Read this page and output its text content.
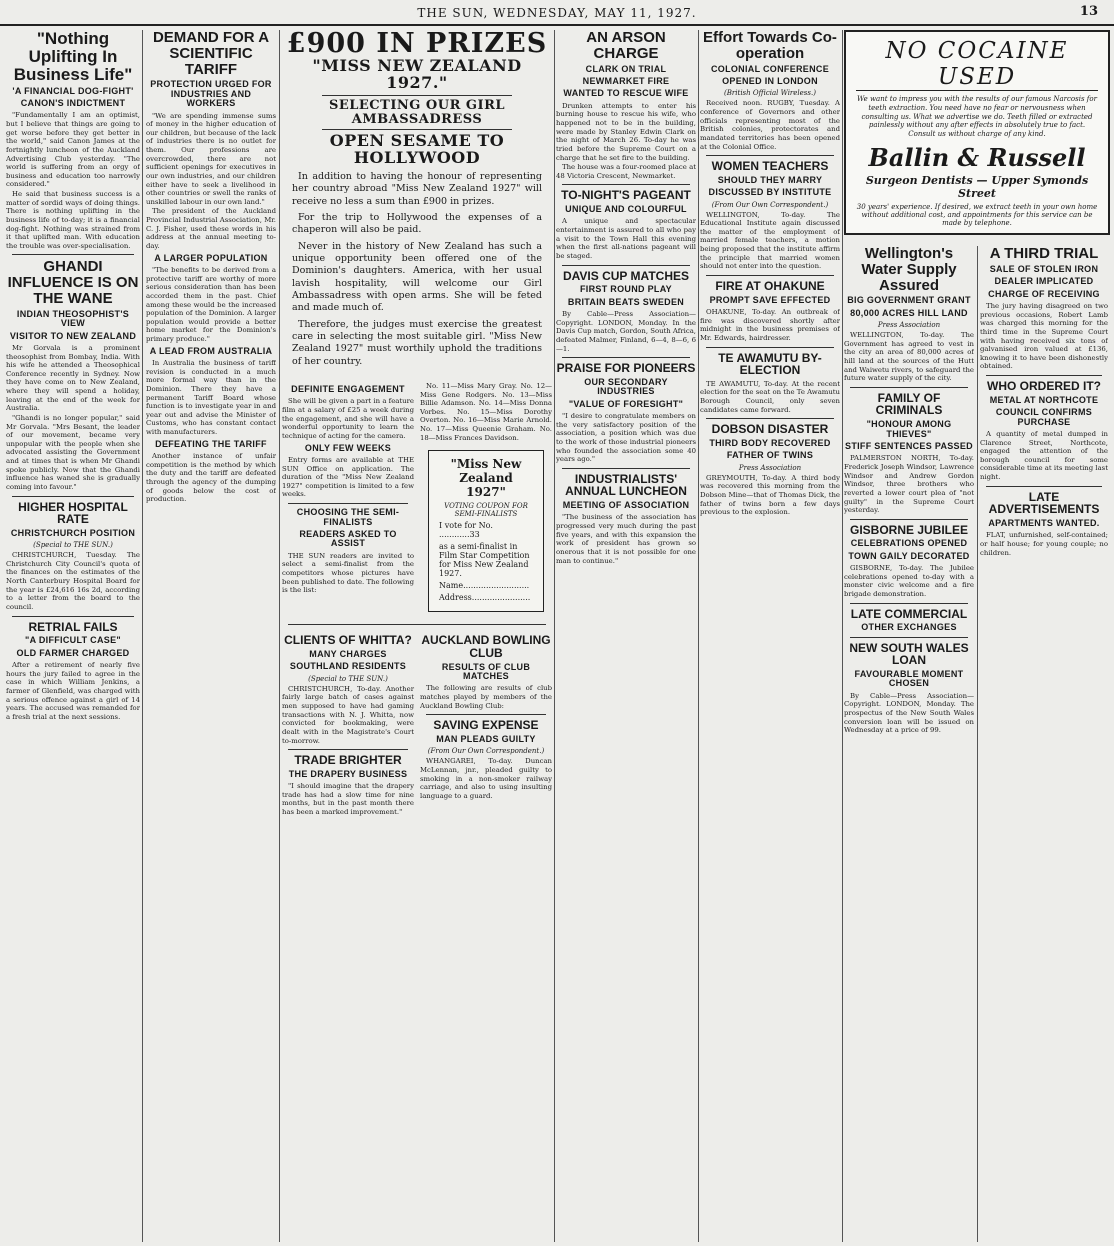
THE SUN, WEDNESDAY, MAY 11, 1927.	13
"Nothing Uplifting In Business Life"
'A FINANCIAL DOG-FIGHT'
CANON'S INDICTMENT

"Fundamentally I am an optimist, but I believe that things are going to get worse before they get better in the world," said Canon James at the fortnightly luncheon of the Auckland Advertising Club yesterday. "The world is suffering from an orgy of business and education too narrowly considered."

He said that business success is a matter of sordid ways of doing things. There is nothing uplifting in the business life of to-day; it is a financial dog-fight. Nothing was strained from it that uplifted man. With education the trouble was over-specialisation.

GHANDI INFLUENCE IS ON THE WANE
INDIAN THEOSOPHIST'S VIEW
VISITOR TO NEW ZEALAND

Mr Gorvala is a prominent theosophist from Bombay, India. With his wife he attended a Theosophical Conference recently in Sydney. Now they have come on to New Zealand, where they will spend a holiday, leaving at the end of the week for Australia.

"Ghandi is no longer popular," said Mr Gorvala. "Mrs Besant, the leader of our movement, became very unpopular with the people when she advocated assisting the Government and at times that is when Mr Ghandi spoke publicly. Now that the Ghandi influence has waned she is gradually coming into favour."

HIGHER HOSPITAL RATE
CHRISTCHURCH POSITION
(Special to THE SUN.)

CHRISTCHURCH, Tuesday. The Christchurch City Council's quota of the finances on the estimates of the North Canterbury Hospital Board for the year is £24,616 16s 2d, according to a letter from the board to the council.

RETRIAL FAILS
"A DIFFICULT CASE"
OLD FARMER CHARGED

After a retirement of nearly five hours the jury failed to agree in the case in which William Jenkins, a farmer of Glenfield, was charged with a serious offence against a girl of 14 years. The accused was remanded for a fresh trial at the next sessions.

DEMAND FOR A SCIENTIFIC TARIFF
PROTECTION URGED FOR INDUSTRIES AND WORKERS

"We are spending immense sums of money in the higher education of our children, but because of the lack of industries there is no outlet for them. Our professions are overcrowded, there are not sufficient openings for executives in our own industries, and our children either have to seek a livelihood in other countries or swell the ranks of unskilled labour in our own land."

The president of the Auckland Provincial Industrial Association, Mr. C. J. Fisher, used these words in his address at the annual meeting to-day.

A LARGER POPULATION

"The benefits to be derived from a protective tariff are worthy of more serious consideration than has been accorded them in the past. Chief among these would be the increased population of the Dominion. A larger population would provide a better home market for the Dominion's primary produce."

A LEAD FROM AUSTRALIA

In Australia the business of tariff revision is conducted in a much more formal way than in the Dominion. There they have a permanent Tariff Board whose function is to investigate year in and year out and advise the Minister of Customs, who has constant contact with manufacturers.

DEFEATING THE TARIFF

Another instance of unfair competition is the method by which the duty and the tariff are defeated through the agency of the dumping of goods below the cost of production.

£900 IN PRIZES
"MISS NEW ZEALAND 1927."
SELECTING OUR GIRL AMBASSADRESS
OPEN SESAME TO HOLLYWOOD

In addition to having the honour of representing her country abroad "Miss New Zealand 1927" will receive no less a sum than £900 in prizes.

For the trip to Hollywood the expenses of a chaperon will also be paid.

Never in the history of New Zealand has such a unique opportunity been offered one of the Dominion's daughters. America, with her usual lavish hospitality, will welcome our Girl Ambassadress with open arms. She will be feted and made much of.

Therefore, the judges must exercise the greatest care in selecting the most suitable girl. "Miss New Zealand 1927" must worthily uphold the traditions of her country.

DEFINITE ENGAGEMENT

She will be given a part in a feature film at a salary of £25 a week during the engagement, and she will have a wonderful opportunity to learn the technique of acting for the camera.

ONLY FEW WEEKS

Entry forms are available at THE SUN Office on application. The duration of the "Miss New Zealand 1927" competition is limited to a few weeks.

CHOOSING THE SEMI-FINALISTS
READERS ASKED TO ASSIST

THE SUN readers are invited to select a semi-finalist from the competitors whose pictures have been published to date. The following is the list:

No. 11—Miss Mary Gray. No. 12—Miss Gene Rodgers. No. 13—Miss Billie Adamson. No. 14—Miss Donna Vorbes. No. 15—Miss Dorothy Overton. No. 16—Miss Marie Arnold. No. 17—Miss Queenie Graham. No. 18—Miss Frances Davidson.

"Miss New Zealand 1927"
VOTING COUPON FOR SEMI-FINALISTS
I vote for No. ............33
as a semi-finalist in Film Star Competition for Miss New Zealand 1927.
Name..........................
Address.......................
CLIENTS OF WHITTA?
MANY CHARGES
SOUTHLAND RESIDENTS
(Special to THE SUN.)

CHRISTCHURCH, To-day. Another fairly large batch of cases against men supposed to have had gaming transactions with N. J. Whitta, now convicted for bookmaking, were dealt with in the Magistrate's Court to-morrow.

TRADE BRIGHTER
THE DRAPERY BUSINESS

"I should imagine that the drapery trade has had a slow time for nine months, but in the past month there has been a marked improvement."

AUCKLAND BOWLING CLUB
RESULTS OF CLUB MATCHES

The following are results of club matches played by members of the Auckland Bowling Club:

SAVING EXPENSE
MAN PLEADS GUILTY
(From Our Own Correspondent.)

WHANGAREI, To-day. Duncan McLennan, jnr., pleaded guilty to smoking in a non-smoker railway carriage, and also to using insulting language to a guard.

AN ARSON CHARGE
CLARK ON TRIAL
NEWMARKET FIRE
WANTED TO RESCUE WIFE

Drunken attempts to enter his burning house to rescue his wife, who happened not to be in the building, were made by Stanley Edwin Clark on the night of March 26. To-day he was tried before the Supreme Court on a charge that he set fire to the building.

The house was a four-roomed place at 48 Victoria Crescent, Newmarket.

TO-NIGHT'S PAGEANT
UNIQUE AND COLOURFUL

A unique and spectacular entertainment is assured to all who pay a visit to the Town Hall this evening when the first all-nations pageant will be staged.

DAVIS CUP MATCHES
FIRST ROUND PLAY
BRITAIN BEATS SWEDEN

By Cable—Press Association—Copyright. LONDON, Monday. In the Davis Cup match, Gordon, South Africa, defeated Malmer, Finland, 6—4, 8—6, 6—1.

PRAISE FOR PIONEERS
OUR SECONDARY INDUSTRIES
"VALUE OF FORESIGHT"

"I desire to congratulate members on the very satisfactory position of the association, a position which was due to the work of those industrial pioneers who founded the association some 40 years ago."

INDUSTRIALISTS' ANNUAL LUNCHEON
MEETING OF ASSOCIATION

"The business of the association has progressed very much during the past five years, and with this expansion the work of president has grown so onerous that it is not possible for one man to continue."

Effort Towards Co-operation
COLONIAL CONFERENCE
OPENED IN LONDON
(British Official Wireless.)

Received noon. RUGBY, Tuesday. A conference of Governors and other officials representing most of the British colonies, protectorates and mandated territories has been opened at the Colonial Office.

WOMEN TEACHERS
SHOULD THEY MARRY
DISCUSSED BY INSTITUTE
(From Our Own Correspondent.)

WELLINGTON, To-day. The Educational Institute again discussed the matter of the employment of married female teachers, a motion being proposed that the institute affirm the principle that married women should not enter into the question.

FIRE AT OHAKUNE
PROMPT SAVE EFFECTED

OHAKUNE, To-day. An outbreak of fire was discovered shortly after midnight in the business premises of Mr. Edwards, hairdresser.

TE AWAMUTU BY-ELECTION

TE AWAMUTU, To-day. At the recent election for the seat on the Te Awamutu Borough Council, only seven candidates came forward.

DOBSON DISASTER
THIRD BODY RECOVERED
FATHER OF TWINS
Press Association

GREYMOUTH, To-day. A third body was recovered this morning from the Dobson Mine—that of Thomas Dick, the father of twins born a few days previous to the explosion.

NO COCAINE USED
We want to impress you with the results of our famous Narcosis for teeth extraction. You need have no fear or nervousness when consulting us. What we advertise we do. Teeth filled or extracted painlessly without any after effects in absolutely true to fact. Consult us without charge of any kind.
Ballin & Russell
Surgeon Dentists — Upper Symonds Street
30 years' experience. If desired, we extract teeth in your own home without additional cost, and appointments for this service can be made by telephone.
Wellington's Water Supply Assured
BIG GOVERNMENT GRANT
80,000 ACRES HILL LAND
Press Association

WELLINGTON, To-day. The Government has agreed to vest in the city an area of 80,000 acres of hill land at the sources of the Hutt and Waiwetu rivers, to safeguard the future water supply of the city.

FAMILY OF CRIMINALS
"HONOUR AMONG THIEVES"
STIFF SENTENCES PASSED

PALMERSTON NORTH, To-day. Frederick Joseph Windsor, Lawrence Windsor and Andrew Gordon Windsor, three brothers who reverted a lower court plea of "not guilty" in the Supreme Court yesterday.

GISBORNE JUBILEE
CELEBRATIONS OPENED
TOWN GAILY DECORATED

GISBORNE, To-day. The Jubilee celebrations opened to-day with a monster civic welcome and a fire brigade demonstration.

LATE COMMERCIAL
OTHER EXCHANGES
NEW SOUTH WALES LOAN
FAVOURABLE MOMENT CHOSEN

By Cable—Press Association—Copyright. LONDON, Monday. The prospectus of the New South Wales conversion loan will be issued on Wednesday at a price of 99.

A THIRD TRIAL
SALE OF STOLEN IRON
DEALER IMPLICATED
CHARGE OF RECEIVING

The jury having disagreed on two previous occasions, Robert Lamb was charged this morning for the third time in the Supreme Court with having received six tons of galvanised iron valued at £136, knowing it to have been dishonestly obtained.

WHO ORDERED IT?
METAL AT NORTHCOTE
COUNCIL CONFIRMS PURCHASE

A quantity of metal dumped in Clarence Street, Northcote, engaged the attention of the borough council for some considerable time at its meeting last night.

LATE ADVERTISEMENTS
APARTMENTS WANTED.

FLAT, unfurnished, self-contained; or half house; for young couple; no children.
